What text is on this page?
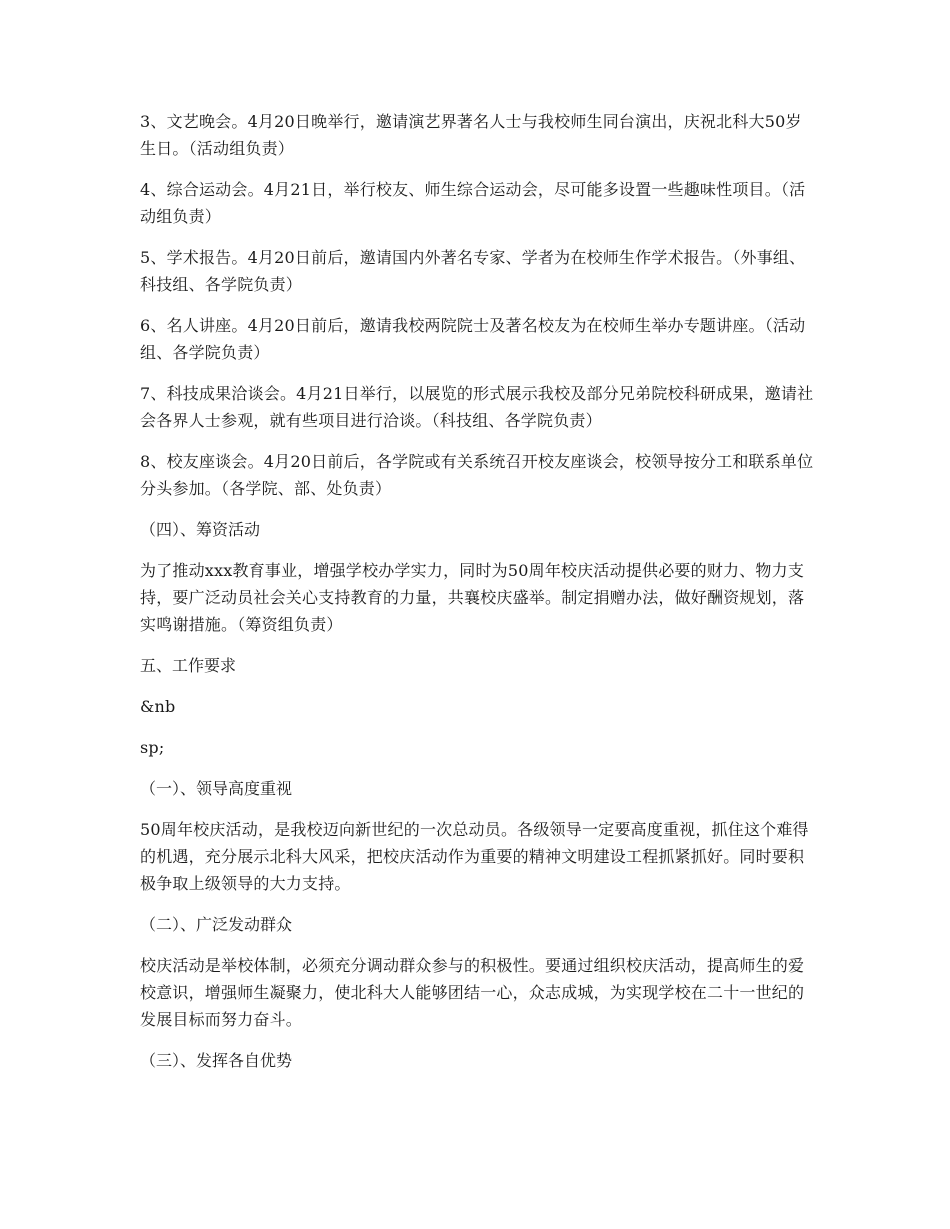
3、文艺晚会。4月20日晚举行，邀请演艺界著名人士与我校师生同台演出，庆祝北科大50岁生日。（活动组负责）

4、综合运动会。4月21日，举行校友、师生综合运动会，尽可能多设置一些趣味性项目。（活动组负责）

5、学术报告。4月20日前后，邀请国内外著名专家、学者为在校师生作学术报告。（外事组、科技组、各学院负责）

6、名人讲座。4月20日前后，邀请我校两院院士及著名校友为在校师生举办专题讲座。（活动组、各学院负责）

7、科技成果洽谈会。4月21日举行，以展览的形式展示我校及部分兄弟院校科研成果，邀请社会各界人士参观，就有些项目进行洽谈。（科技组、各学院负责）

8、校友座谈会。4月20日前后，各学院或有关系统召开校友座谈会，校领导按分工和联系单位分头参加。（各学院、部、处负责）

（四）、筹资活动

为了推动xxx教育事业，增强学校办学实力，同时为50周年校庆活动提供必要的财力、物力支持，要广泛动员社会关心支持教育的力量，共襄校庆盛举。制定捐赠办法，做好酬资规划，落实鸣谢措施。（筹资组负责）

五、工作要求

&nb

sp;

（一）、领导高度重视

50周年校庆活动，是我校迈向新世纪的一次总动员。各级领导一定要高度重视，抓住这个难得的机遇，充分展示北科大风采，把校庆活动作为重要的精神文明建设工程抓紧抓好。同时要积极争取上级领导的大力支持。

（二）、广泛发动群众

校庆活动是举校体制，必须充分调动群众参与的积极性。要通过组织校庆活动，提高师生的爱校意识，增强师生凝聚力，使北科大人能够团结一心，众志成城，为实现学校在二十一世纪的发展目标而努力奋斗。

（三）、发挥各自优势
